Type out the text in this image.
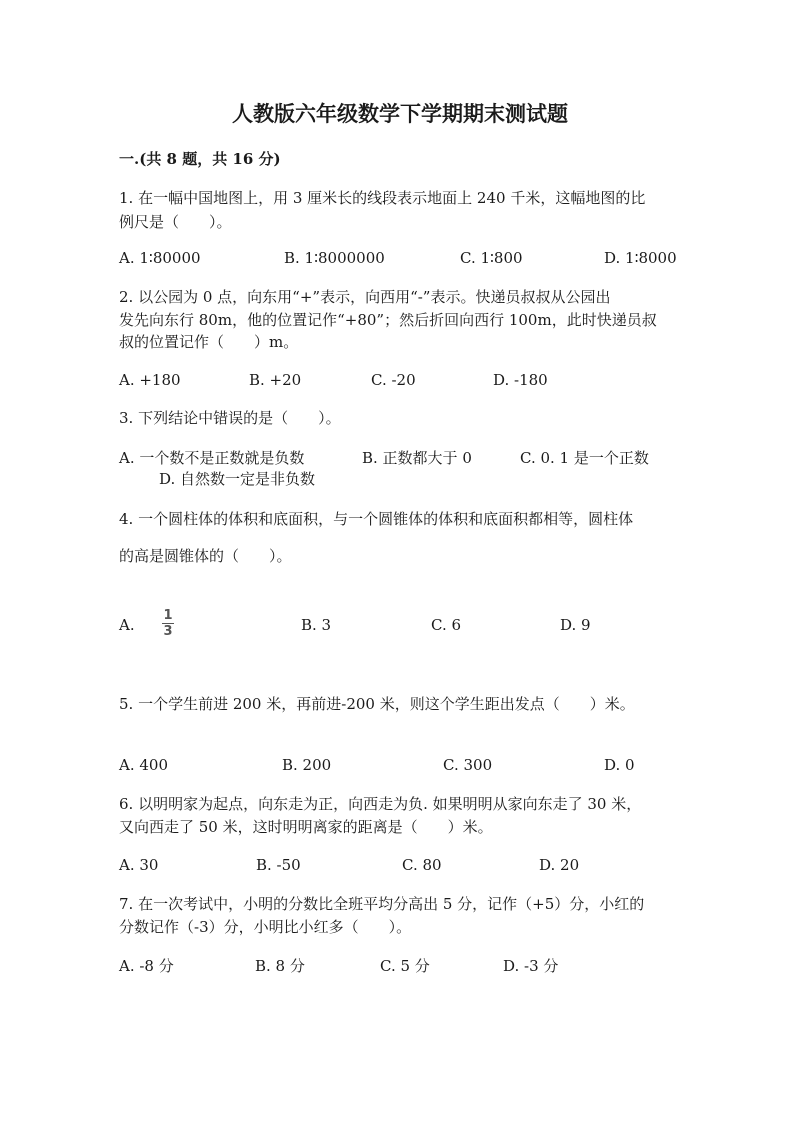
人教版六年级数学下学期期末测试题
一.(共 8 题，共 16 分)
1. 在一幅中国地图上，用 3 厘米长的线段表示地面上 240 千米，这幅地图的比
例尺是（　　）。
A. 1∶80000	B. 1∶8000000	C. 1∶800	D. 1∶8000
2. 以公园为 0 点，向东用“+”表示，向西用“-”表示。快递员叔叔从公园出
发先向东行 80m，他的位置记作“+80”；然后折回向西行 100m，此时快递员叔
叔的位置记作（　　）m。
A. +180	B. +20	C. -20	D. -180
3. 下列结论中错误的是（　　）。
A. 一个数不是正数就是负数	B. 正数都大于 0	C. 0. 1 是一个正数
D. 自然数一定是非负数
4. 一个圆柱体的体积和底面积，与一个圆锥体的体积和底面积都相等，圆柱体
的高是圆锥体的（　　）。
A.
1
3	B. 3	C. 6	D. 9
5. 一个学生前进 200 米，再前进-200 米，则这个学生距出发点（　　）米。
A. 400	B. 200	C. 300	D. 0
6. 以明明家为起点，向东走为正，向西走为负. 如果明明从家向东走了 30 米，
又向西走了 50 米，这时明明离家的距离是（　　）米。
A. 30	B. -50	C. 80	D. 20
7. 在一次考试中，小明的分数比全班平均分高出 5 分，记作（+5）分，小红的
分数记作（-3）分，小明比小红多（　　）。
A. -8 分	B. 8 分	C. 5 分	D. -3 分
